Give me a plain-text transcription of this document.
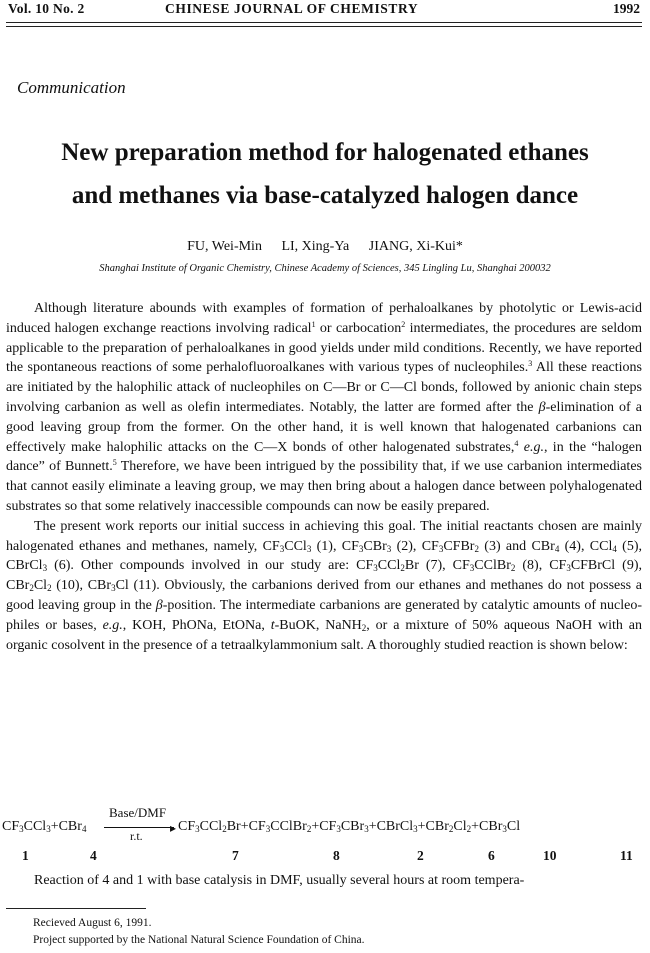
Vol. 10 No. 2	CHINESE JOURNAL OF CHEMISTRY	1992
Communication
New preparation method for halogenated ethanes
and methanes via base-catalyzed halogen dance
FU, Wei-Min LI, Xing-Ya JIANG, Xi-Kui*
Shanghai Institute of Organic Chemistry, Chinese Academy of Sciences, 345 Lingling Lu, Shanghai 200032

Although literature abounds with examples of formation of perhaloalkanes by photolytic or Lewis-acid induced halogen exchange reactions involving radical$^1$ or carbocation$^2$ intermediates, the procedures are seldom applicable to the preparation of perhaloalkanes in good yields under mild conditions. Recently, we have reported the spontaneous reactions of some perhalofluoroalkanes with various types of nucleophiles.$^3$ All these reactions are initiated by the halophilic attack of nucleophiles on C—Br or C—Cl bonds, followed by anionic chain steps involving carbanion as well as olefin intermediates. Notably, the latter are formed after the β-elimination of a good leaving group from the former. On the other hand, it is well known that halogenated carbanions can effectively make halophilic attacks on the C—X bonds of other halogenated substrates,$^4$ e.g., in the “halogen dance” of Bunnett.$^5$ Therefore, we have been intrigued by the possibility that, if we use carbanion intermediates that cannot easily eliminate a leaving group, we may then bring about a halogen dance between polyhalogenated substrates so that some relatively inaccessible compounds can now be easily prepared.

The present work reports our initial success in achieving this goal. The initial reactants chosen are mainly halogenated ethanes and methanes, namely, $CF_3CCl_3$ (1), $CF_3CBr_3$ (2), $CF_3CFBr_2$ (3) and CBr$_4$ (4), CCl$_4$ (5), CBrCl$_3$ (6). Other compounds involved in our study are: $CF_3CCl_2Br$ (7), $CF_3CClBr_2$ (8), $CF_3CFBrCl$ (9), $CBr_2Cl_2$ (10), CBr$_3$Cl (11). Obviously, the carbanions derived from our ethanes and methanes do not possess a good leaving group in the β-position. The intermediate carbanions are generated by catalytic amounts of nucleophiles or bases, e.g., KOH, PhONa, EtONa, t-BuOK, NaNH$_2$, or a mixture of 50% aqueous NaOH with an organic cosolvent in the presence of a tetraalkylammonium salt. A thoroughly studied reaction is shown below:

$CF_3CCl_3+CBr_4$
Base/DMF
▸
r.t.
$CF_3CCl_2Br+CF_3CClBr_2+CF_3CBr_3+CBrCl_3+CBr_2Cl_2+CBr_3Cl$
1	4	7	8	2	6	10	11
Reaction of 4 and 1 with base catalysis in DMF, usually several hours at room tempera-
Recieved August 6, 1991.
Project supported by the National Natural Science Foundation of China.
